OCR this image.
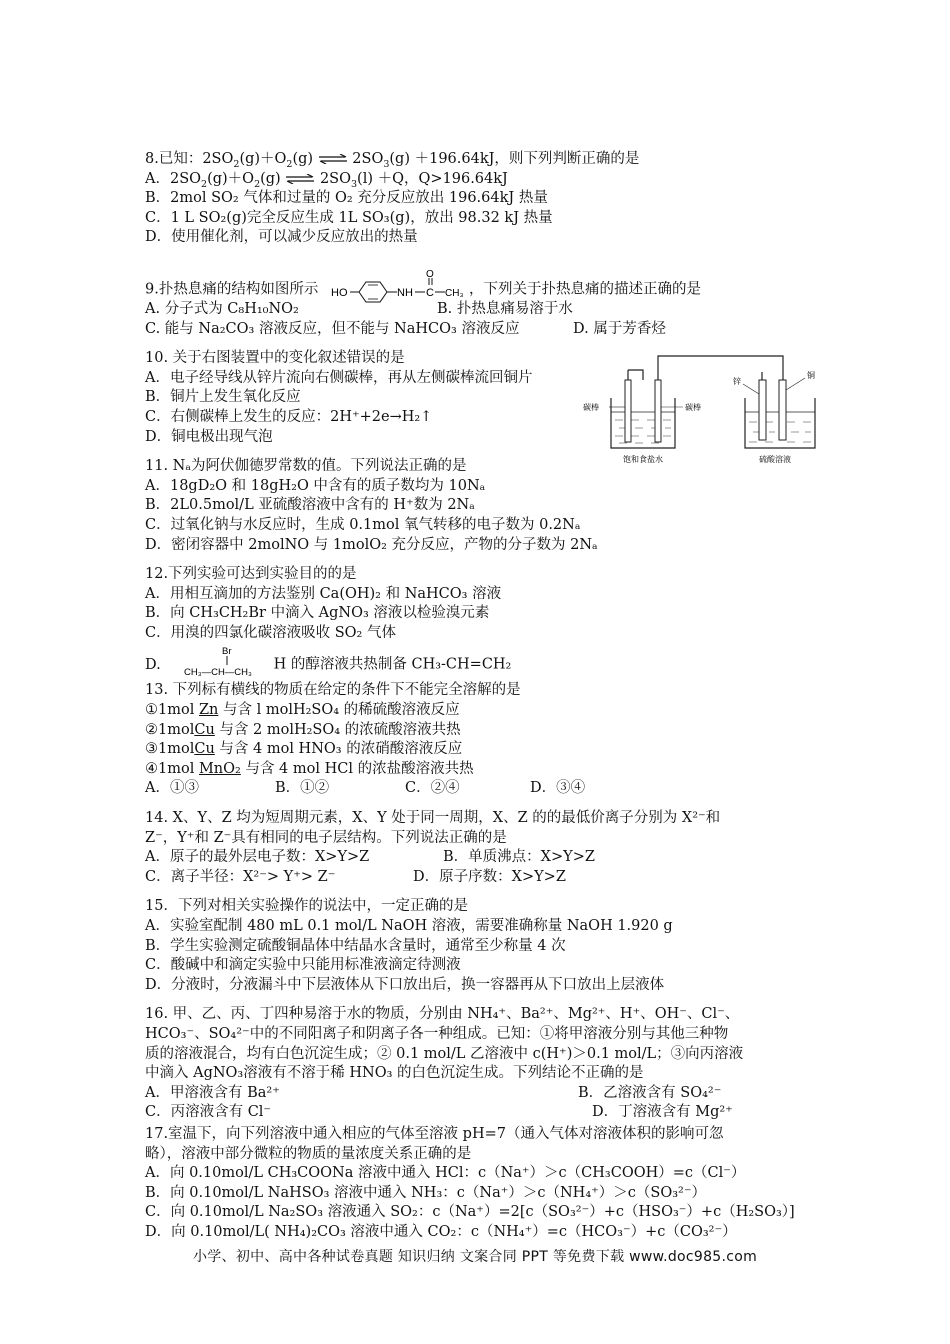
8.已知：$2SO_2(g)+O_2(g)$ ⇌ $2SO_3(g) +196.64kJ$，则下列判断正确的是

A．$2SO_2(g)+O_2(g)$ ⇌ $2SO_3(l) +Q$，Q>196.64kJ

B．2mol SO₂ 气体和过量的 O₂ 充分反应放出 196.64kJ 热量

C．1 L SO₂(g)完全反应生成 1L SO₃(g)，放出 98.32 kJ 热量

D．使用催化剂，可以减少反应放出的热量

9.扑热息痛的结构如图所示 HO	NH C
O
CH₃ ，下列关于扑热息痛的描述正确的是

A. 分子式为 C₈H₁₀NO₂	B. 扑热息痛易溶于水

C. 能与 Na₂CO₃ 溶液反应，但不能与 NaHCO₃ 溶液反应	D. 属于芳香烃

10. 关于右图装置中的变化叙述错误的是

A．电子经导线从锌片流向右侧碳棒，再从左侧碳棒流回铜片

B．铜片上发生氧化反应

C．右侧碳棒上发生的反应：2H⁺+2e→H₂↑

D．铜电极出现气泡

11. Nₐ为阿伏伽德罗常数的值。下列说法正确的是

A．18gD₂O 和 18gH₂O 中含有的质子数均为 10Nₐ

B．2L0.5mol/L 亚硫酸溶液中含有的 H⁺数为 2Nₐ

C．过氧化钠与水反应时，生成 0.1mol 氧气转移的电子数为 0.2Nₐ

D．密闭容器中 2molNO 与 1molO₂ 充分反应，产物的分子数为 2Nₐ

12.下列实验可达到实验目的的是

A．用相互滴加的方法鉴别 Ca(OH)₂ 和 NaHCO₃ 溶液

B．向 CH₃CH₂Br 中滴入 AgNO₃ 溶液以检验溴元素

C．用溴的四氯化碳溶液吸收 SO₂ 气体

D.
Br
CH₃—CH—CH₃
H 的醇溶液共热制备 CH₃-CH=CH₂

13. 下列标有横线的物质在给定的条件下不能完全溶解的是

①1mol Zn 与含 l molH₂SO₄ 的稀硫酸溶液反应

②1molCu 与含 2 molH₂SO₄ 的浓硫酸溶液共热

③1molCu 与含 4 mol HNO₃ 的浓硝酸溶液反应

④1mol MnO₂ 与含 4 mol HCl 的浓盐酸溶液共热

A．①③	B．①②	C．②④	D．③④

14. X、Y、Z 均为短周期元素，X、Y 处于同一周期，X、Z 的的最低价离子分别为 X²⁻和

Z⁻，Y⁺和 Z⁻具有相同的电子层结构。下列说法正确的是

A．原子的最外层电子数：X>Y>Z	B．单质沸点：X>Y>Z

C．离子半径：X²⁻> Y⁺> Z⁻	D．原子序数：X>Y>Z

15．下列对相关实验操作的说法中，一定正确的是

A．实验室配制 480 mL 0.1 mol/L NaOH 溶液，需要准确称量 NaOH 1.920 g

B．学生实验测定硫酸铜晶体中结晶水含量时，通常至少称量 4 次

C．酸碱中和滴定实验中只能用标准液滴定待测液

D．分液时，分液漏斗中下层液体从下口放出后，换一容器再从下口放出上层液体

16. 甲、乙、丙、丁四种易溶于水的物质，分别由 NH₄⁺、Ba²⁺、Mg²⁺、H⁺、OH⁻、Cl⁻、

HCO₃⁻、SO₄²⁻中的不同阳离子和阴离子各一种组成。已知：①将甲溶液分别与其他三种物

质的溶液混合，均有白色沉淀生成；② 0.1 mol/L 乙溶液中 c(H⁺)＞0.1 mol/L；③向丙溶液

中滴入 AgNO₃溶液有不溶于稀 HNO₃ 的白色沉淀生成。下列结论不正确的是

A．甲溶液含有 Ba²⁺	B．乙溶液含有 SO₄²⁻

C．丙溶液含有 Cl⁻	D．丁溶液含有 Mg²⁺

17.室温下，向下列溶液中通入相应的气体至溶液 pH=7（通入气体对溶液体积的影响可忽

略），溶液中部分微粒的物质的量浓度关系正确的是

A．向 0.10mol/L CH₃COONa 溶液中通入 HCl：c（Na⁺）＞c（CH₃COOH）=c（Cl⁻）

B．向 0.10mol/L NaHSO₃ 溶液中通入 NH₃：c（Na⁺）＞c（NH₄⁺）＞c（SO₃²⁻）

C．向 0.10mol/L Na₂SO₃ 溶液通入 SO₂：c（Na⁺）=2[c（SO₃²⁻）+c（HSO₃⁻）+c（H₂SO₃）]

D．向 0.10mol/L( NH₄)₂CO₃ 溶液中通入 CO₂：c（NH₄⁺）=c（HCO₃⁻）+c（CO₃²⁻）

碳棒	碳棒
饱和食盐水
锌
铜
硫酸溶液
小学、初中、高中各种试卷真题 知识归纳 文案合同 PPT 等免费下载 www.doc985.com
